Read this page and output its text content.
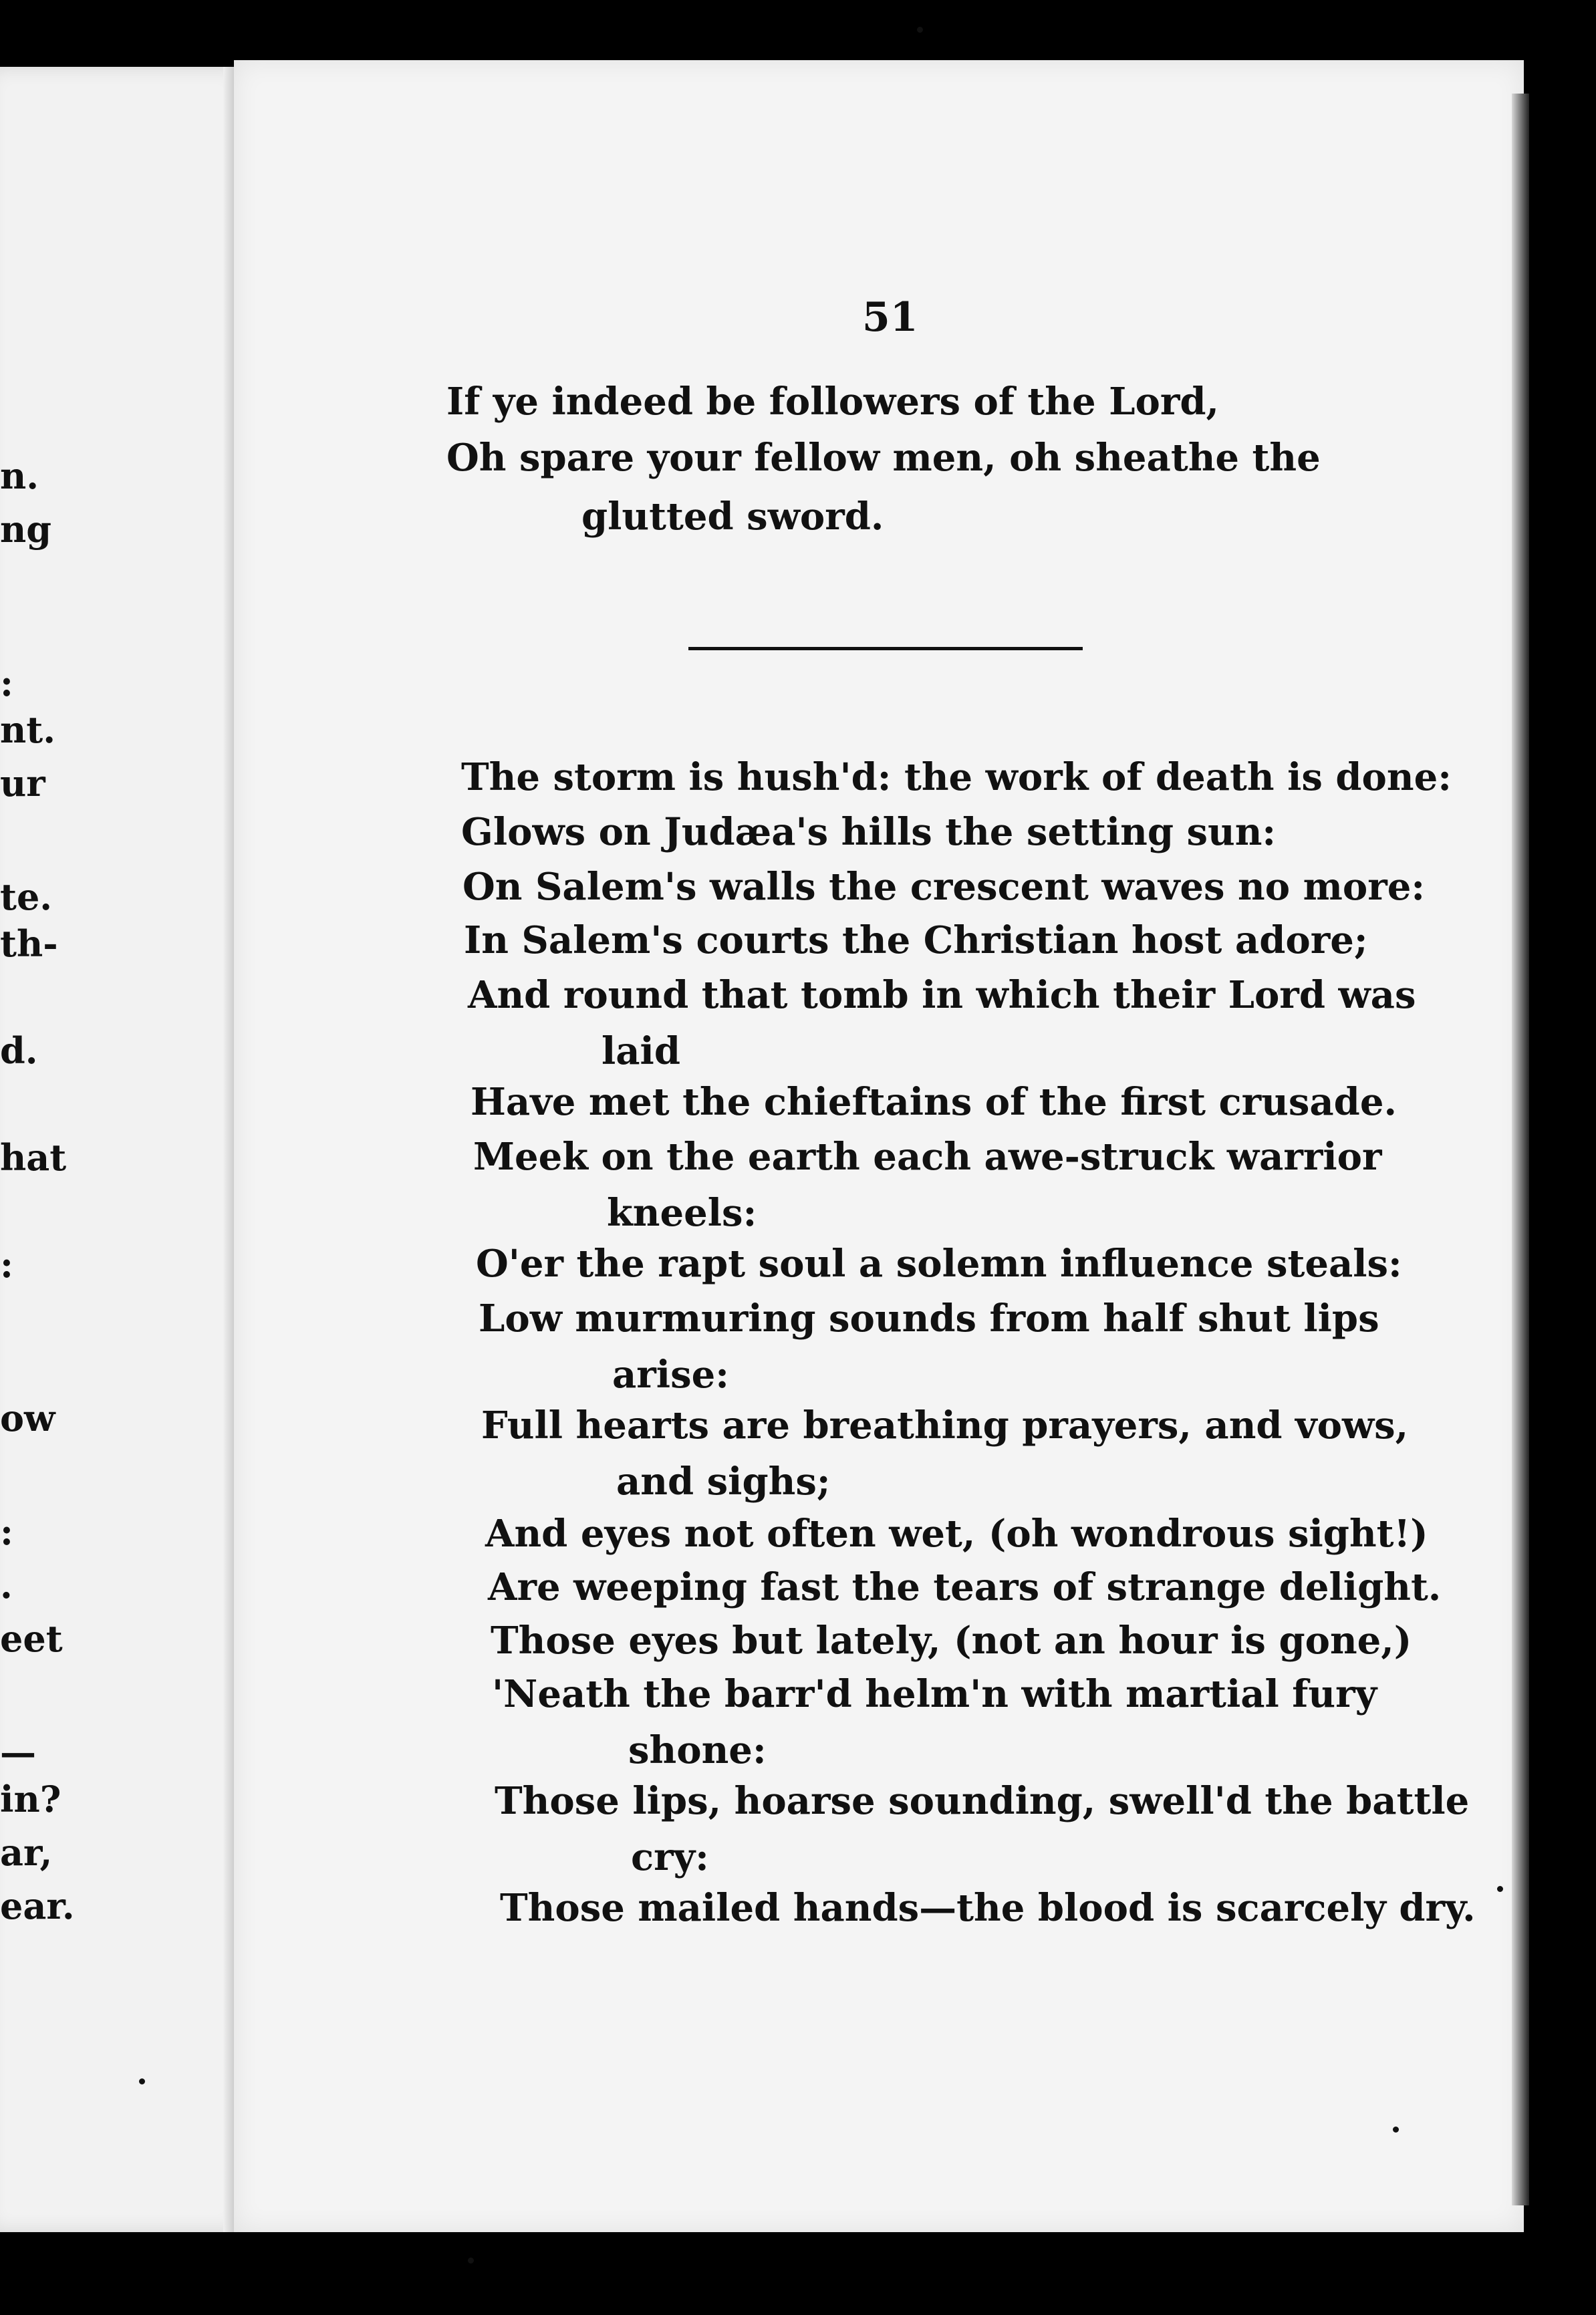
n.
ng
:
nt.
ur
te.
th-
d.
hat
:
ow
:
.
eet
—
in?
ar,
ear.
51
If ye indeed be followers of the Lord,
Oh spare your fellow men, oh sheathe the
glutted sword.
The storm is hush'd: the work of death is done:
Glows on Judæa's hills the setting sun:
On Salem's walls the crescent waves no more:
In Salem's courts the Christian host adore;
And round that tomb in which their Lord was
laid
Have met the chieftains of the first crusade.
Meek on the earth each awe-struck warrior
kneels:
O'er the rapt soul a solemn influence steals:
Low murmuring sounds from half shut lips
arise:
Full hearts are breathing prayers, and vows,
and sighs;
And eyes not often wet, (oh wondrous sight!)
Are weeping fast the tears of strange delight.
Those eyes but lately, (not an hour is gone,)
'Neath the barr'd helm'n with martial fury
shone:
Those lips, hoarse sounding, swell'd the battle
cry:
Those mailed hands—the blood is scarcely dry.
